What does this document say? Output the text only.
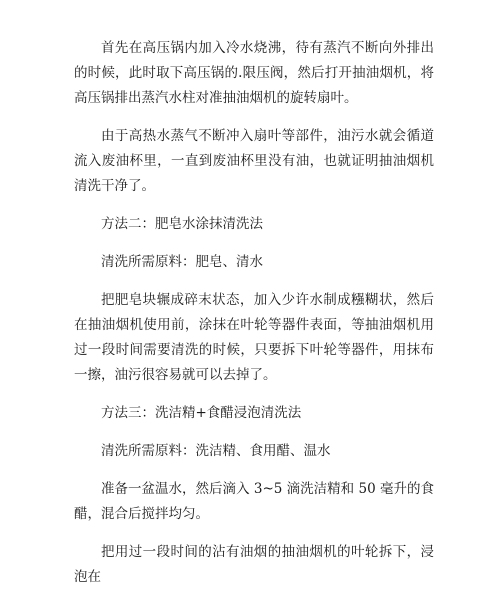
首先在高压锅内加入冷水烧沸，待有蒸汽不断向外排出的时候，此时取下高压锅的.限压阀，然后打开抽油烟机，将高压锅排出蒸汽水柱对准抽油烟机的旋转扇叶。

由于高热水蒸气不断冲入扇叶等部件，油污水就会循道流入废油杯里，一直到废油杯里没有油，也就证明抽油烟机清洗干净了。

方法二：肥皂水涂抹清洗法

清洗所需原料：肥皂、清水

把肥皂块辗成碎末状态，加入少许水制成糨糊状，然后在抽油烟机使用前，涂抹在叶轮等器件表面，等抽油烟机用过一段时间需要清洗的时候，只要拆下叶轮等器件，用抹布一擦，油污很容易就可以去掉了。

方法三：洗洁精+食醋浸泡清洗法

清洗所需原料：洗洁精、食用醋、温水

准备一盆温水，然后滴入 3~5 滴洗洁精和 50 毫升的食醋，混合后搅拌均匀。

把用过一段时间的沾有油烟的抽油烟机的叶轮拆下，浸泡在
